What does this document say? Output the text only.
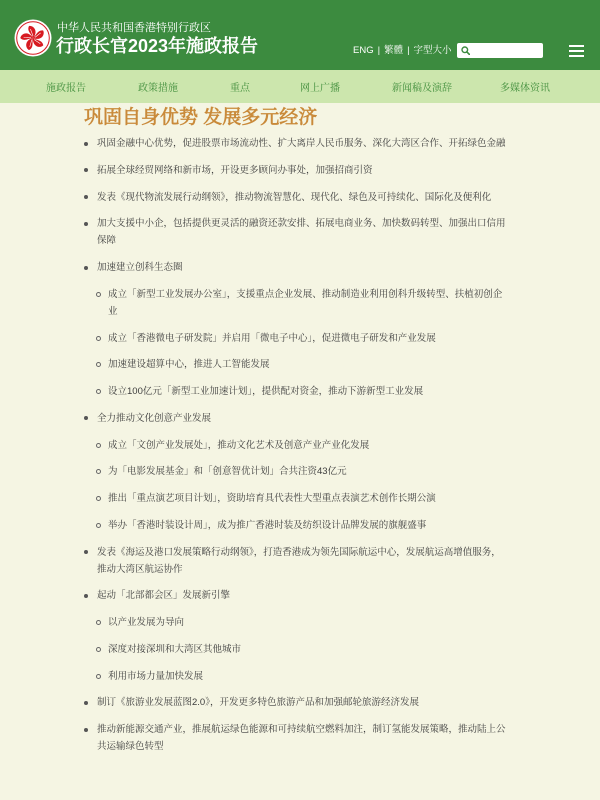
中华人民共和国香港特别行政区
行政长官2023年施政报告	ENG | 繁體 | 字型大小
施政报告	政策措施	重点	网上广播	新闻稿及演辞	多媒体资讯
巩固自身优势 发展多元经济
巩固金融中心优势，促进股票市场流动性、扩大离岸人民币服务、深化大湾区合作、开拓绿色金融
拓展全球经贸网络和新市场，开设更多顾问办事处，加强招商引资
发表《现代物流发展行动纲领》，推动物流智慧化、现代化、绿色及可持续化、国际化及便利化
加大支援中小企，包括提供更灵活的融资还款安排、拓展电商业务、加快数码转型、加强出口信用保障
加速建立创科生态圈
成立「新型工业发展办公室」，支援重点企业发展、推动制造业利用创科升级转型、扶植初创企业
成立「香港微电子研发院」并启用「微电子中心」，促进微电子研发和产业发展
加速建设超算中心，推进人工智能发展
设立100亿元「新型工业加速计划」，提供配对资金，推动下游新型工业发展
全力推动文化创意产业发展
成立「文创产业发展处」，推动文化艺术及创意产业产业化发展
为「电影发展基金」和「创意智优计划」合共注资43亿元
推出「重点演艺项目计划」，资助培育具代表性大型重点表演艺术创作长期公演
举办「香港时装设计周」，成为推广香港时装及纺织设计品牌发展的旗舰盛事
发表《海运及港口发展策略行动纲领》，打造香港成为领先国际航运中心，发展航运高增值服务，推动大湾区航运协作
起动「北部都会区」发展新引擎
以产业发展为导向
深度对接深圳和大湾区其他城市
利用市场力量加快发展
制订《旅游业发展蓝图2.0》，开发更多特色旅游产品和加强邮轮旅游经济发展
推动新能源交通产业，推展航运绿色能源和可持续航空燃料加注，制订氢能发展策略，推动陆上公共运输绿色转型
